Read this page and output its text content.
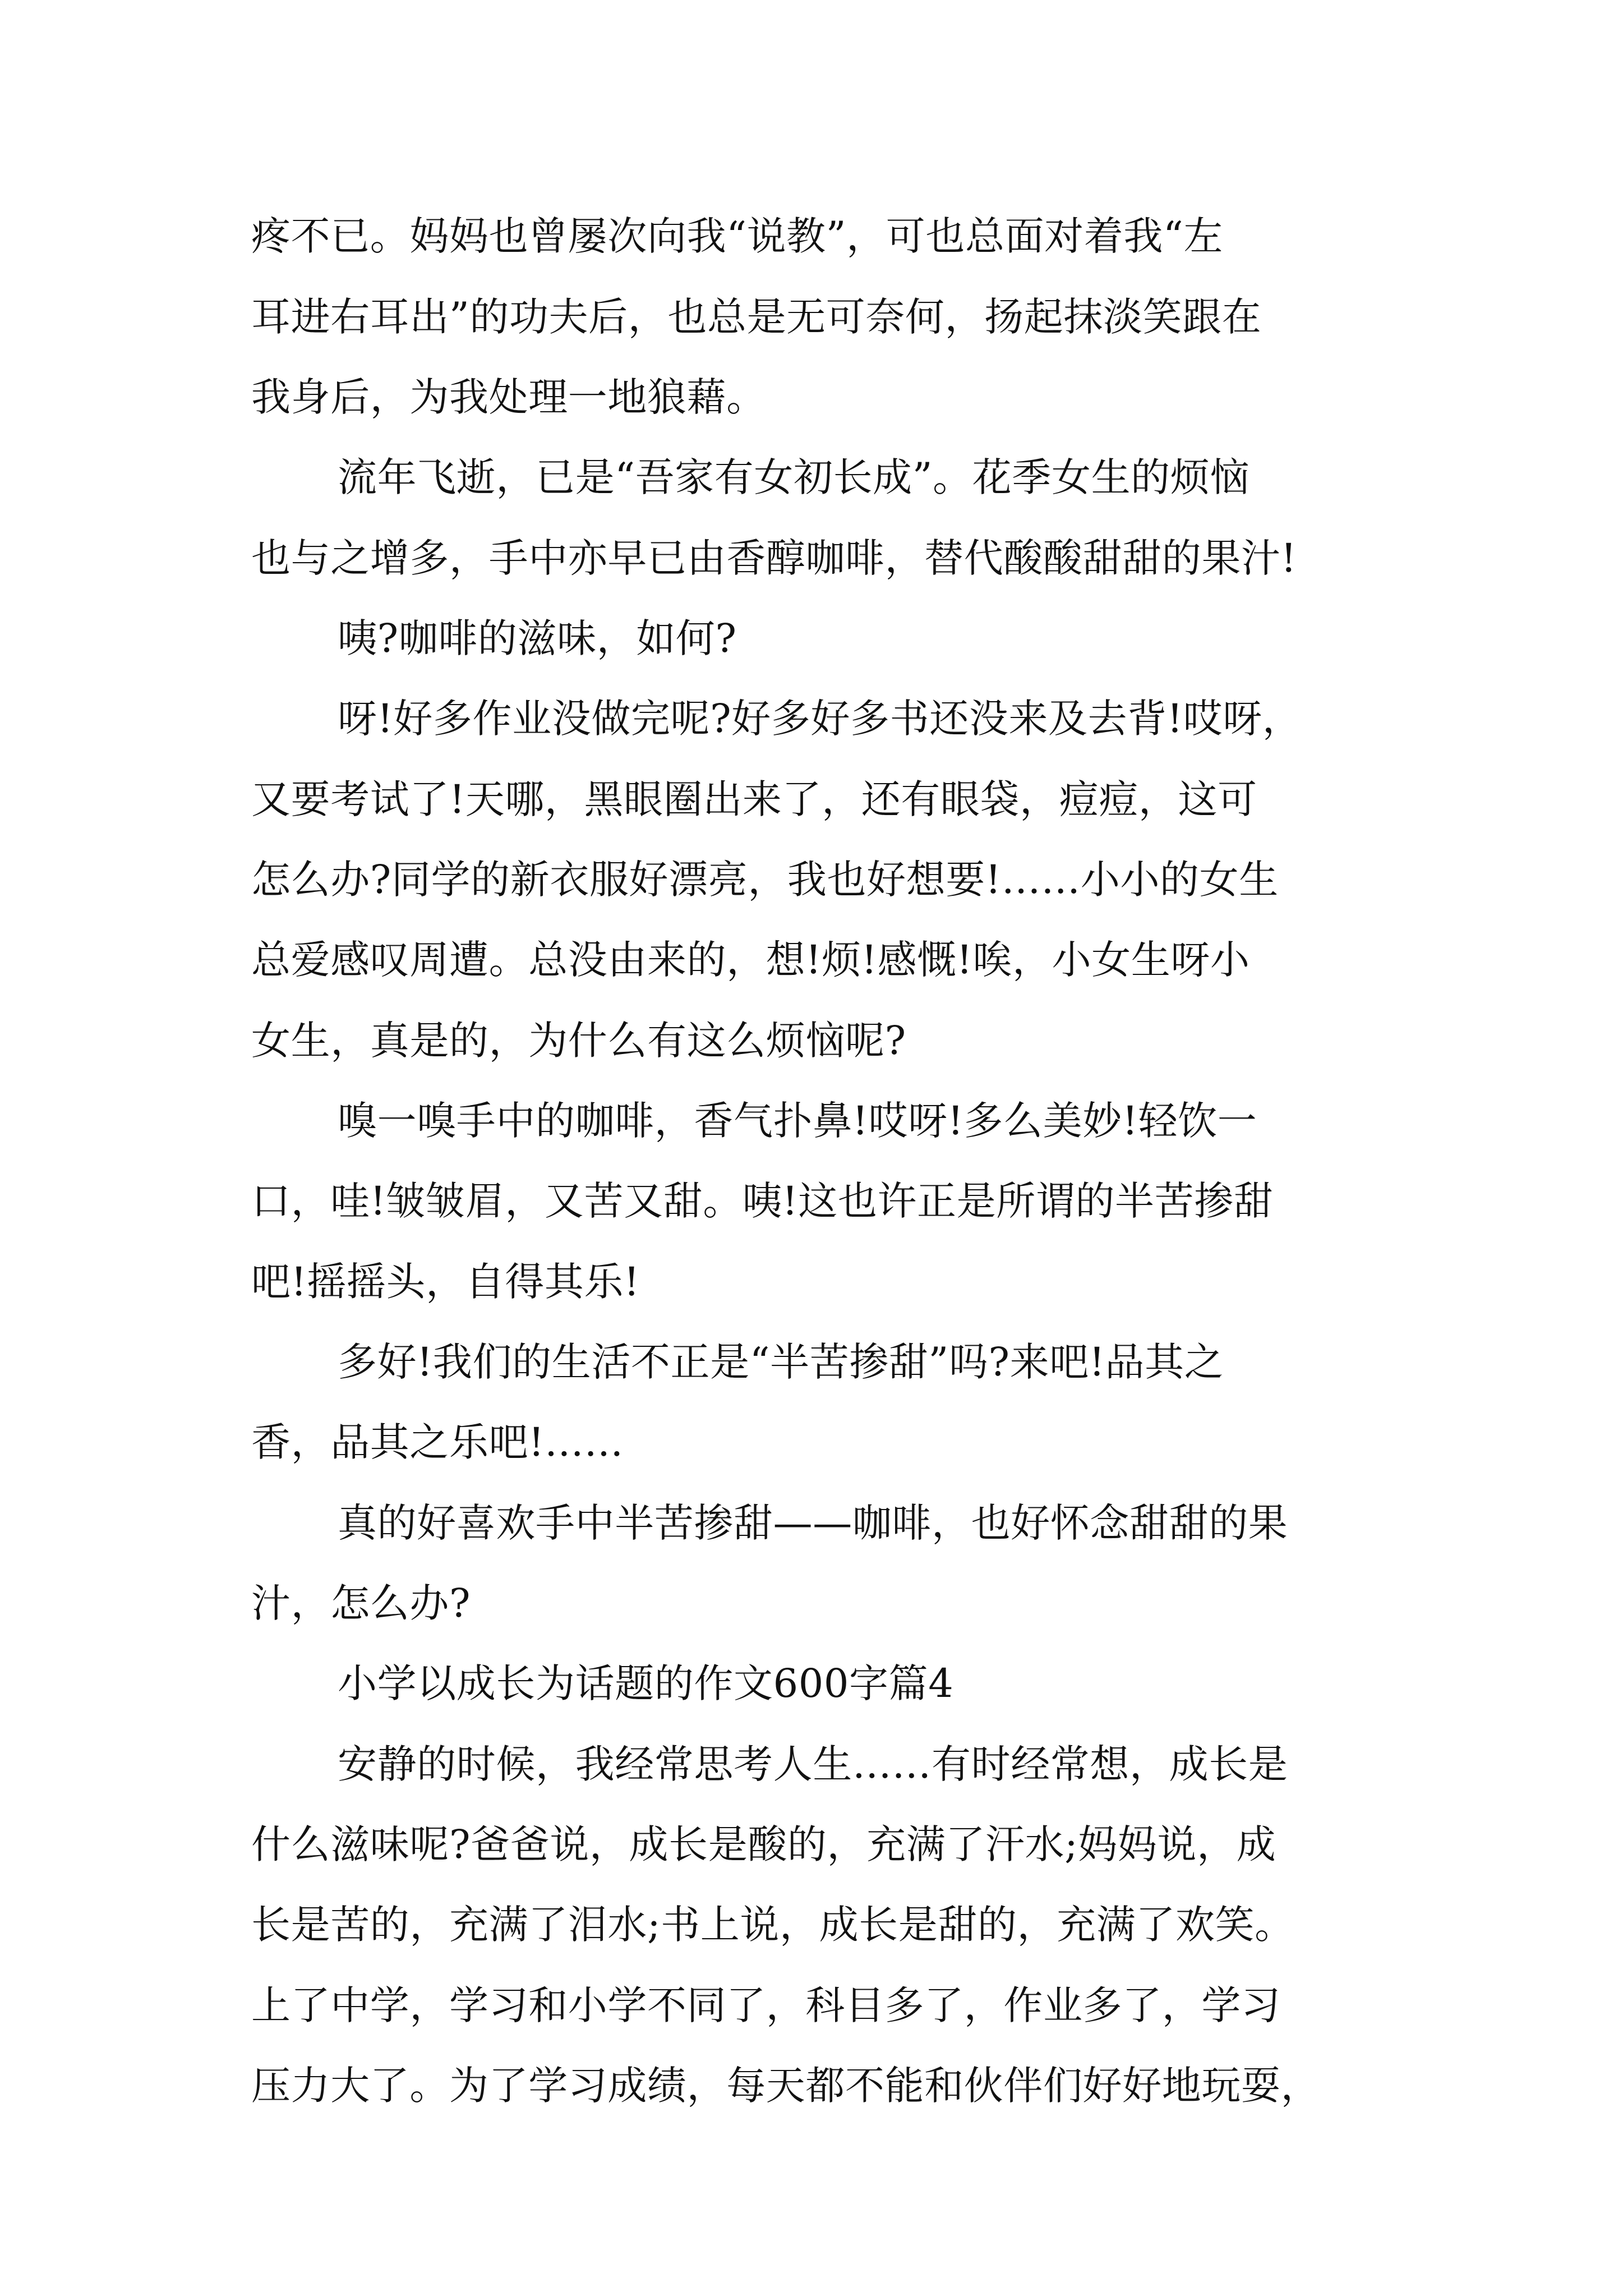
疼不已。妈妈也曾屡次向我“说教”，可也总面对着我“左
耳进右耳出”的功夫后，也总是无可奈何，扬起抹淡笑跟在
我身后，为我处理一地狼藉。
流年飞逝，已是“吾家有女初长成”。花季女生的烦恼
也与之增多，手中亦早已由香醇咖啡，替代酸酸甜甜的果汁!
咦?咖啡的滋味，如何?
呀!好多作业没做完呢?好多好多书还没来及去背!哎呀，
又要考试了!天哪，黑眼圈出来了，还有眼袋，痘痘，这可
怎么办?同学的新衣服好漂亮，我也好想要!……小小的女生
总爱感叹周遭。总没由来的，想!烦!感慨!唉，小女生呀小
女生，真是的，为什么有这么烦恼呢?
嗅一嗅手中的咖啡，香气扑鼻!哎呀!多么美妙!轻饮一
口，哇!皱皱眉，又苦又甜。咦!这也许正是所谓的半苦掺甜
吧!摇摇头，自得其乐!
多好!我们的生活不正是“半苦掺甜”吗?来吧!品其之
香，品其之乐吧!……
真的好喜欢手中半苦掺甜——咖啡，也好怀念甜甜的果
汁，怎么办?
小学以成长为话题的作文600字篇4
安静的时候，我经常思考人生……有时经常想，成长是
什么滋味呢?爸爸说，成长是酸的，充满了汗水;妈妈说，成
长是苦的，充满了泪水;书上说，成长是甜的，充满了欢笑。
上了中学，学习和小学不同了，科目多了，作业多了，学习
压力大了。为了学习成绩，每天都不能和伙伴们好好地玩耍，
